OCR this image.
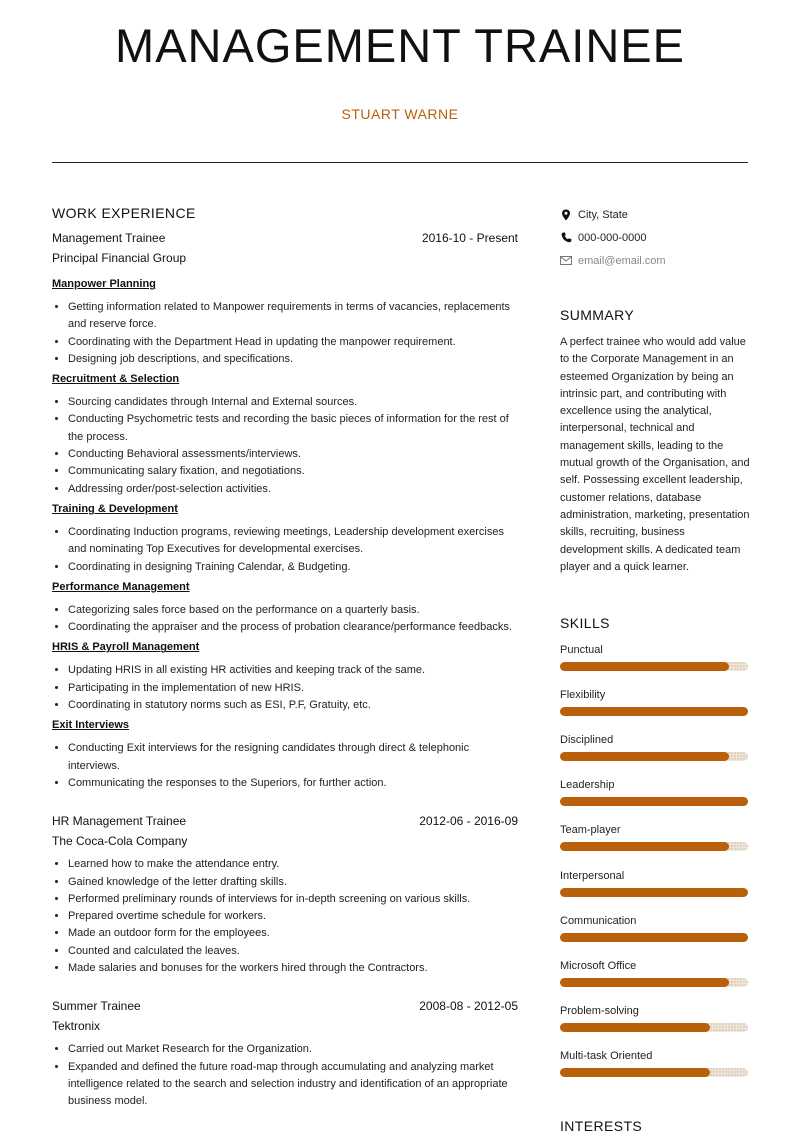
MANAGEMENT TRAINEE
STUART WARNE
WORK EXPERIENCE
Management Trainee	2016-10 - Present
Principal Financial Group
Manpower Planning
• Getting information related to Manpower requirements in terms of vacancies, replacements and reserve force.
• Coordinating with the Department Head in updating the manpower requirement.
• Designing job descriptions, and specifications.
Recruitment & Selection
• Sourcing candidates through Internal and External sources.
• Conducting Psychometric tests and recording the basic pieces of information for the rest of the process.
• Conducting Behavioral assessments/interviews.
• Communicating salary fixation, and negotiations.
• Addressing order/post-selection activities.
Training & Development
• Coordinating Induction programs, reviewing meetings, Leadership development exercises and nominating Top Executives for developmental exercises.
• Coordinating in designing Training Calendar, & Budgeting.
Performance Management
• Categorizing sales force based on the performance on a quarterly basis.
• Coordinating the appraiser and the process of probation clearance/performance feedbacks.
HRIS & Payroll Management
• Updating HRIS in all existing HR activities and keeping track of the same.
• Participating in the implementation of new HRIS.
• Coordinating in statutory norms such as ESI, P.F, Gratuity, etc.
Exit Interviews
• Conducting Exit interviews for the resigning candidates through direct & telephonic interviews.
• Communicating the responses to the Superiors, for further action.
HR Management Trainee	2012-06 - 2016-09
The Coca-Cola Company
• Learned how to make the attendance entry.
• Gained knowledge of the letter drafting skills.
• Performed preliminary rounds of interviews for in-depth screening on various skills.
• Prepared overtime schedule for workers.
• Made an outdoor form for the employees.
• Counted and calculated the leaves.
• Made salaries and bonuses for the workers hired through the Contractors.
Summer Trainee	2008-08 - 2012-05
Tektronix
• Carried out Market Research for the Organization.
• Expanded and defined the future road-map through accumulating and analyzing market intelligence related to the search and selection industry and identification of an appropriate business model.
City, State
000-000-0000
email@email.com
SUMMARY
A perfect trainee who would add value to the Corporate Management in an esteemed Organization by being an intrinsic part, and contributing with excellence using the analytical, interpersonal, technical and management skills, leading to the mutual growth of the Organisation, and self. Possessing excellent leadership, customer relations, database administration, marketing, presentation skills, recruiting, business development skills. A dedicated team player and a quick learner.
SKILLS
Punctual
Flexibility
Disciplined
Leadership
Team-player
Interpersonal
Communication
Microsoft Office
Problem-solving
Multi-task Oriented
INTERESTS
